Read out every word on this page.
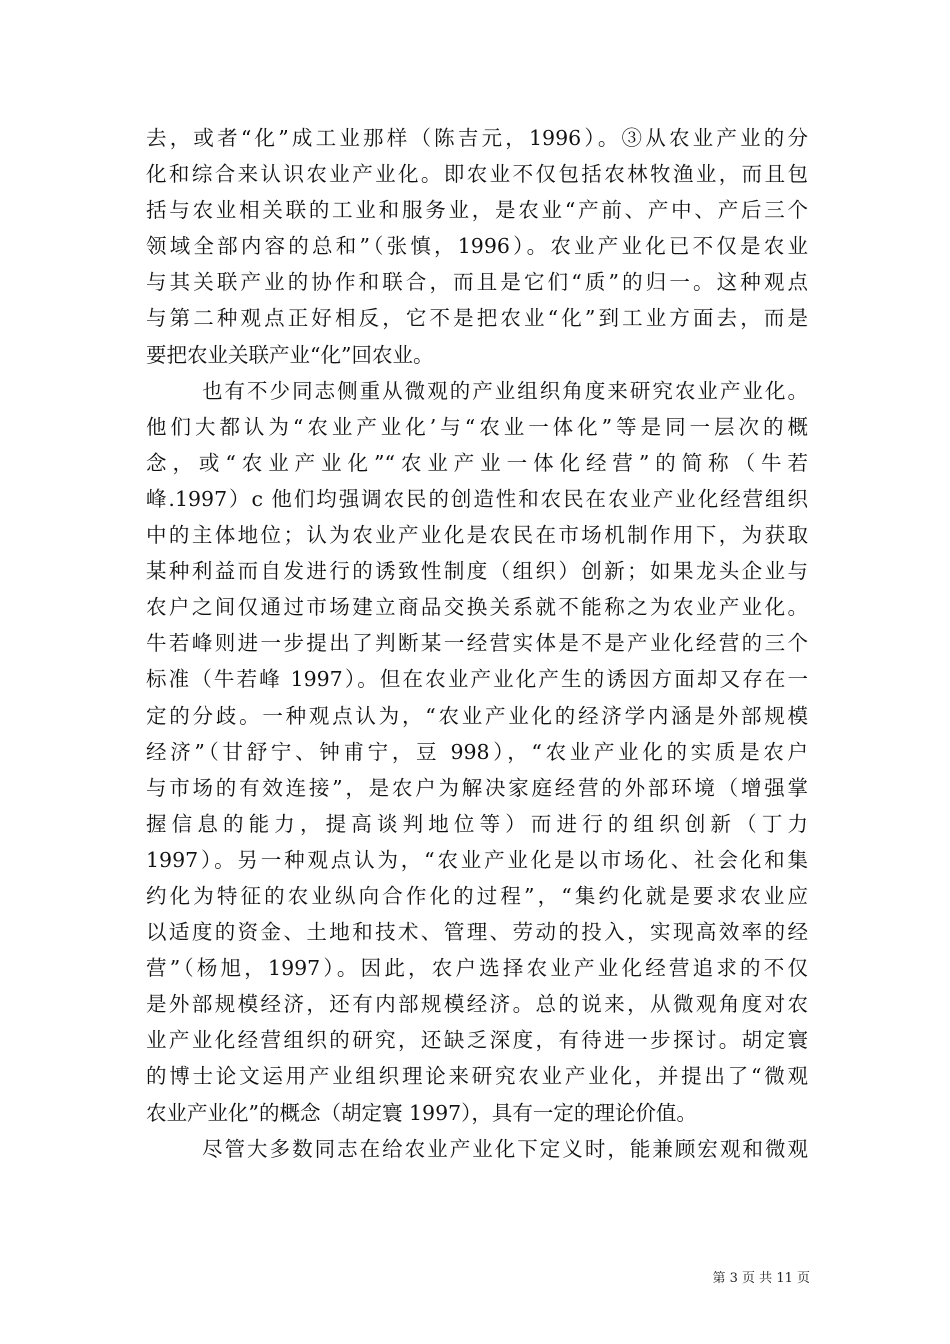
去，或者“化”成工业那样（陈吉元，1996）。③从农业产业的分
化和综合来认识农业产业化。即农业不仅包括农林牧渔业，而且包
括与农业相关联的工业和服务业，是农业“产前、产中、产后三个
领域全部内容的总和”（张慎，1996）。农业产业化已不仅是农业
与其关联产业的协作和联合，而且是它们“质”的归一。这种观点
与第二种观点正好相反，它不是把农业“化”到工业方面去，而是
要把农业关联产业“化”回农业。
也有不少同志侧重从微观的产业组织角度来研究农业产业化。
他们大都认为“农业产业化’与“农业一体化”等是同一层次的概
念，或“农业产业化”“农业产业一体化经营”的简称（牛若
峰.1997）c 他们均强调农民的创造性和农民在农业产业化经营组织
中的主体地位；认为农业产业化是农民在市场机制作用下，为获取
某种利益而自发进行的诱致性制度（组织）创新；如果龙头企业与
农户之间仅通过市场建立商品交换关系就不能称之为农业产业化。
牛若峰则进一步提出了判断某一经营实体是不是产业化经营的三个
标准（牛若峰 1997）。但在农业产业化产生的诱因方面却又存在一
定的分歧。一种观点认为，“农业产业化的经济学内涵是外部规模
经济”（甘舒宁、钟甫宁，豆 998），“农业产业化的实质是农户
与市场的有效连接”，是农户为解决家庭经营的外部环境（增强掌
握信息的能力，提高谈判地位等）而进行的组织创新（丁力
1997）。另一种观点认为，“农业产业化是以市场化、社会化和集
约化为特征的农业纵向合作化的过程”，“集约化就是要求农业应
以适度的资金、土地和技术、管理、劳动的投入，实现高效率的经
营”（杨旭，1997）。因此，农户选择农业产业化经营追求的不仅
是外部规模经济，还有内部规模经济。总的说来，从微观角度对农
业产业化经营组织的研究，还缺乏深度，有待进一步探讨。胡定寰
的博士论文运用产业组织理论来研究农业产业化，并提出了“微观
农业产业化”的概念（胡定寰 1997），具有一定的理论价值。
尽管大多数同志在给农业产业化下定义时，能兼顾宏观和微观
第 3 页 共 11 页
